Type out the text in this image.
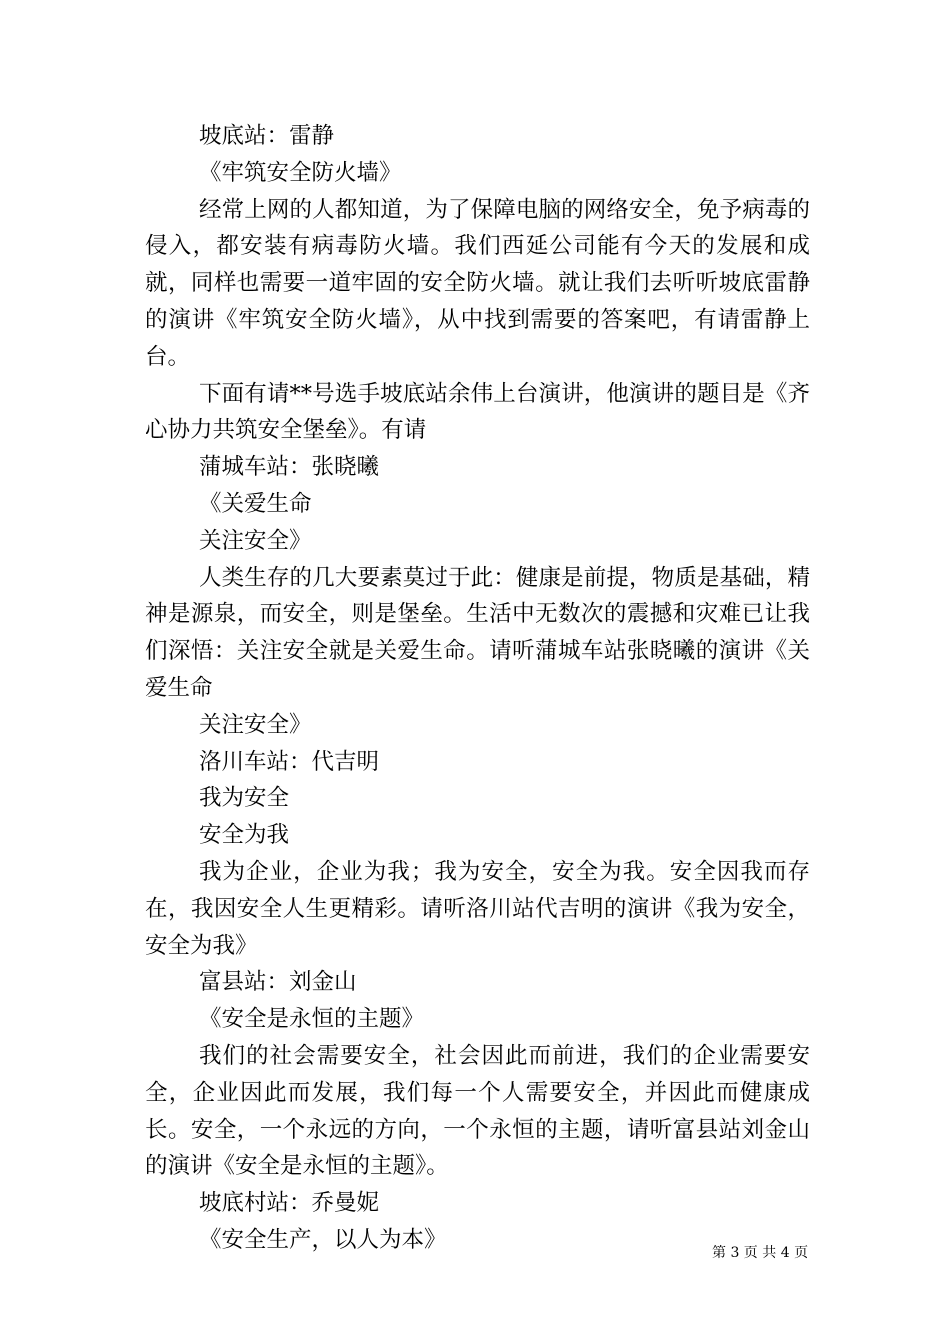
坡底站：雷静

《牢筑安全防火墙》

经常上网的人都知道，为了保障电脑的网络安全，免予病毒的侵入，都安装有病毒防火墙。我们西延公司能有今天的发展和成就，同样也需要一道牢固的安全防火墙。就让我们去听听坡底雷静的演讲《牢筑安全防火墙》，从中找到需要的答案吧，有请雷静上台。

下面有请**号选手坡底站余伟上台演讲，他演讲的题目是《齐心协力共筑安全堡垒》。有请

蒲城车站：张晓曦

《关爱生命

关注安全》

人类生存的几大要素莫过于此：健康是前提，物质是基础，精神是源泉，而安全，则是堡垒。生活中无数次的震撼和灾难已让我们深悟：关注安全就是关爱生命。请听蒲城车站张晓曦的演讲《关爱生命

关注安全》

洛川车站：代吉明

我为安全

安全为我

我为企业，企业为我；我为安全，安全为我。安全因我而存在，我因安全人生更精彩。请听洛川站代吉明的演讲《我为安全，安全为我》

富县站：刘金山

《安全是永恒的主题》

我们的社会需要安全，社会因此而前进，我们的企业需要安全，企业因此而发展，我们每一个人需要安全，并因此而健康成长。安全，一个永远的方向，一个永恒的主题，请听富县站刘金山的演讲《安全是永恒的主题》。

坡底村站：乔曼妮

《安全生产，以人为本》

第 3 页 共 4 页
